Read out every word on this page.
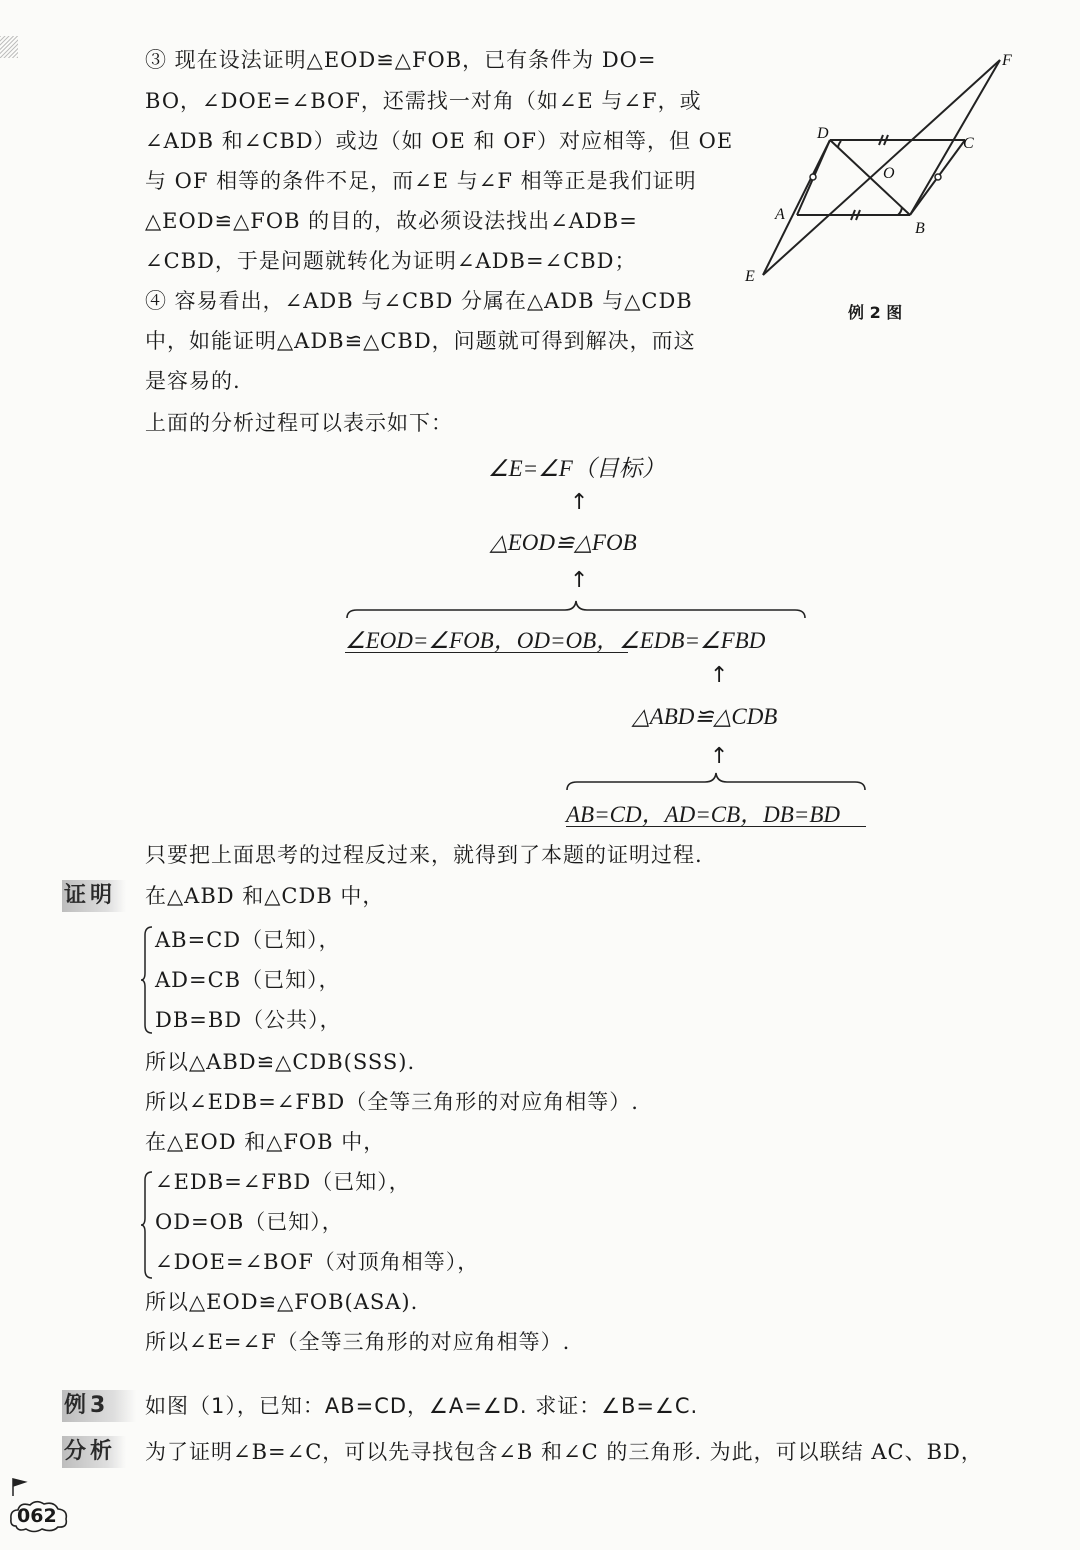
③ 现在设法证明△EOD≌△FOB，已有条件为 DO=
BO，∠DOE=∠BOF，还需找一对角（如∠E 与∠F，或
∠ADB 和∠CBD）或边（如 OE 和 OF）对应相等，但 OE
与 OF 相等的条件不足，而∠E 与∠F 相等正是我们证明
△EOD≌△FOB 的目的，故必须设法找出∠ADB=
∠CBD，于是问题就转化为证明∠ADB=∠CBD；
④ 容易看出，∠ADB 与∠CBD 分属在△ADB 与△CDB
中，如能证明△ADB≌△CBD，问题就可得到解决，而这
是容易的.
D
C
O
A
B
E
F
例 2 图
上面的分析过程可以表示如下：
∠E=∠F（目标）
↑
△EOD≌△FOB
↑
∠EOD=∠FOB，OD=OB，∠EDB=∠FBD
↑
△ABD≌△CDB
↑
AB=CD，AD=CB，DB=BD
只要把上面思考的过程反过来，就得到了本题的证明过程.
证明	在△ABD 和△CDB 中，
AB=CD（已知），
AD=CB（已知），
DB=BD（公共），
所以△ABD≌△CDB(SSS).
所以∠EDB=∠FBD（全等三角形的对应角相等）.
在△EOD 和△FOB 中，
∠EDB=∠FBD（已知），
OD=OB（已知），
∠DOE=∠BOF（对顶角相等），
所以△EOD≌△FOB(ASA).
所以∠E=∠F（全等三角形的对应角相等）.
例3	如图（1），已知：AB=CD，∠A=∠D. 求证：∠B=∠C.
分析	为了证明∠B=∠C，可以先寻找包含∠B 和∠C 的三角形. 为此，可以联结 AC、BD，
062
